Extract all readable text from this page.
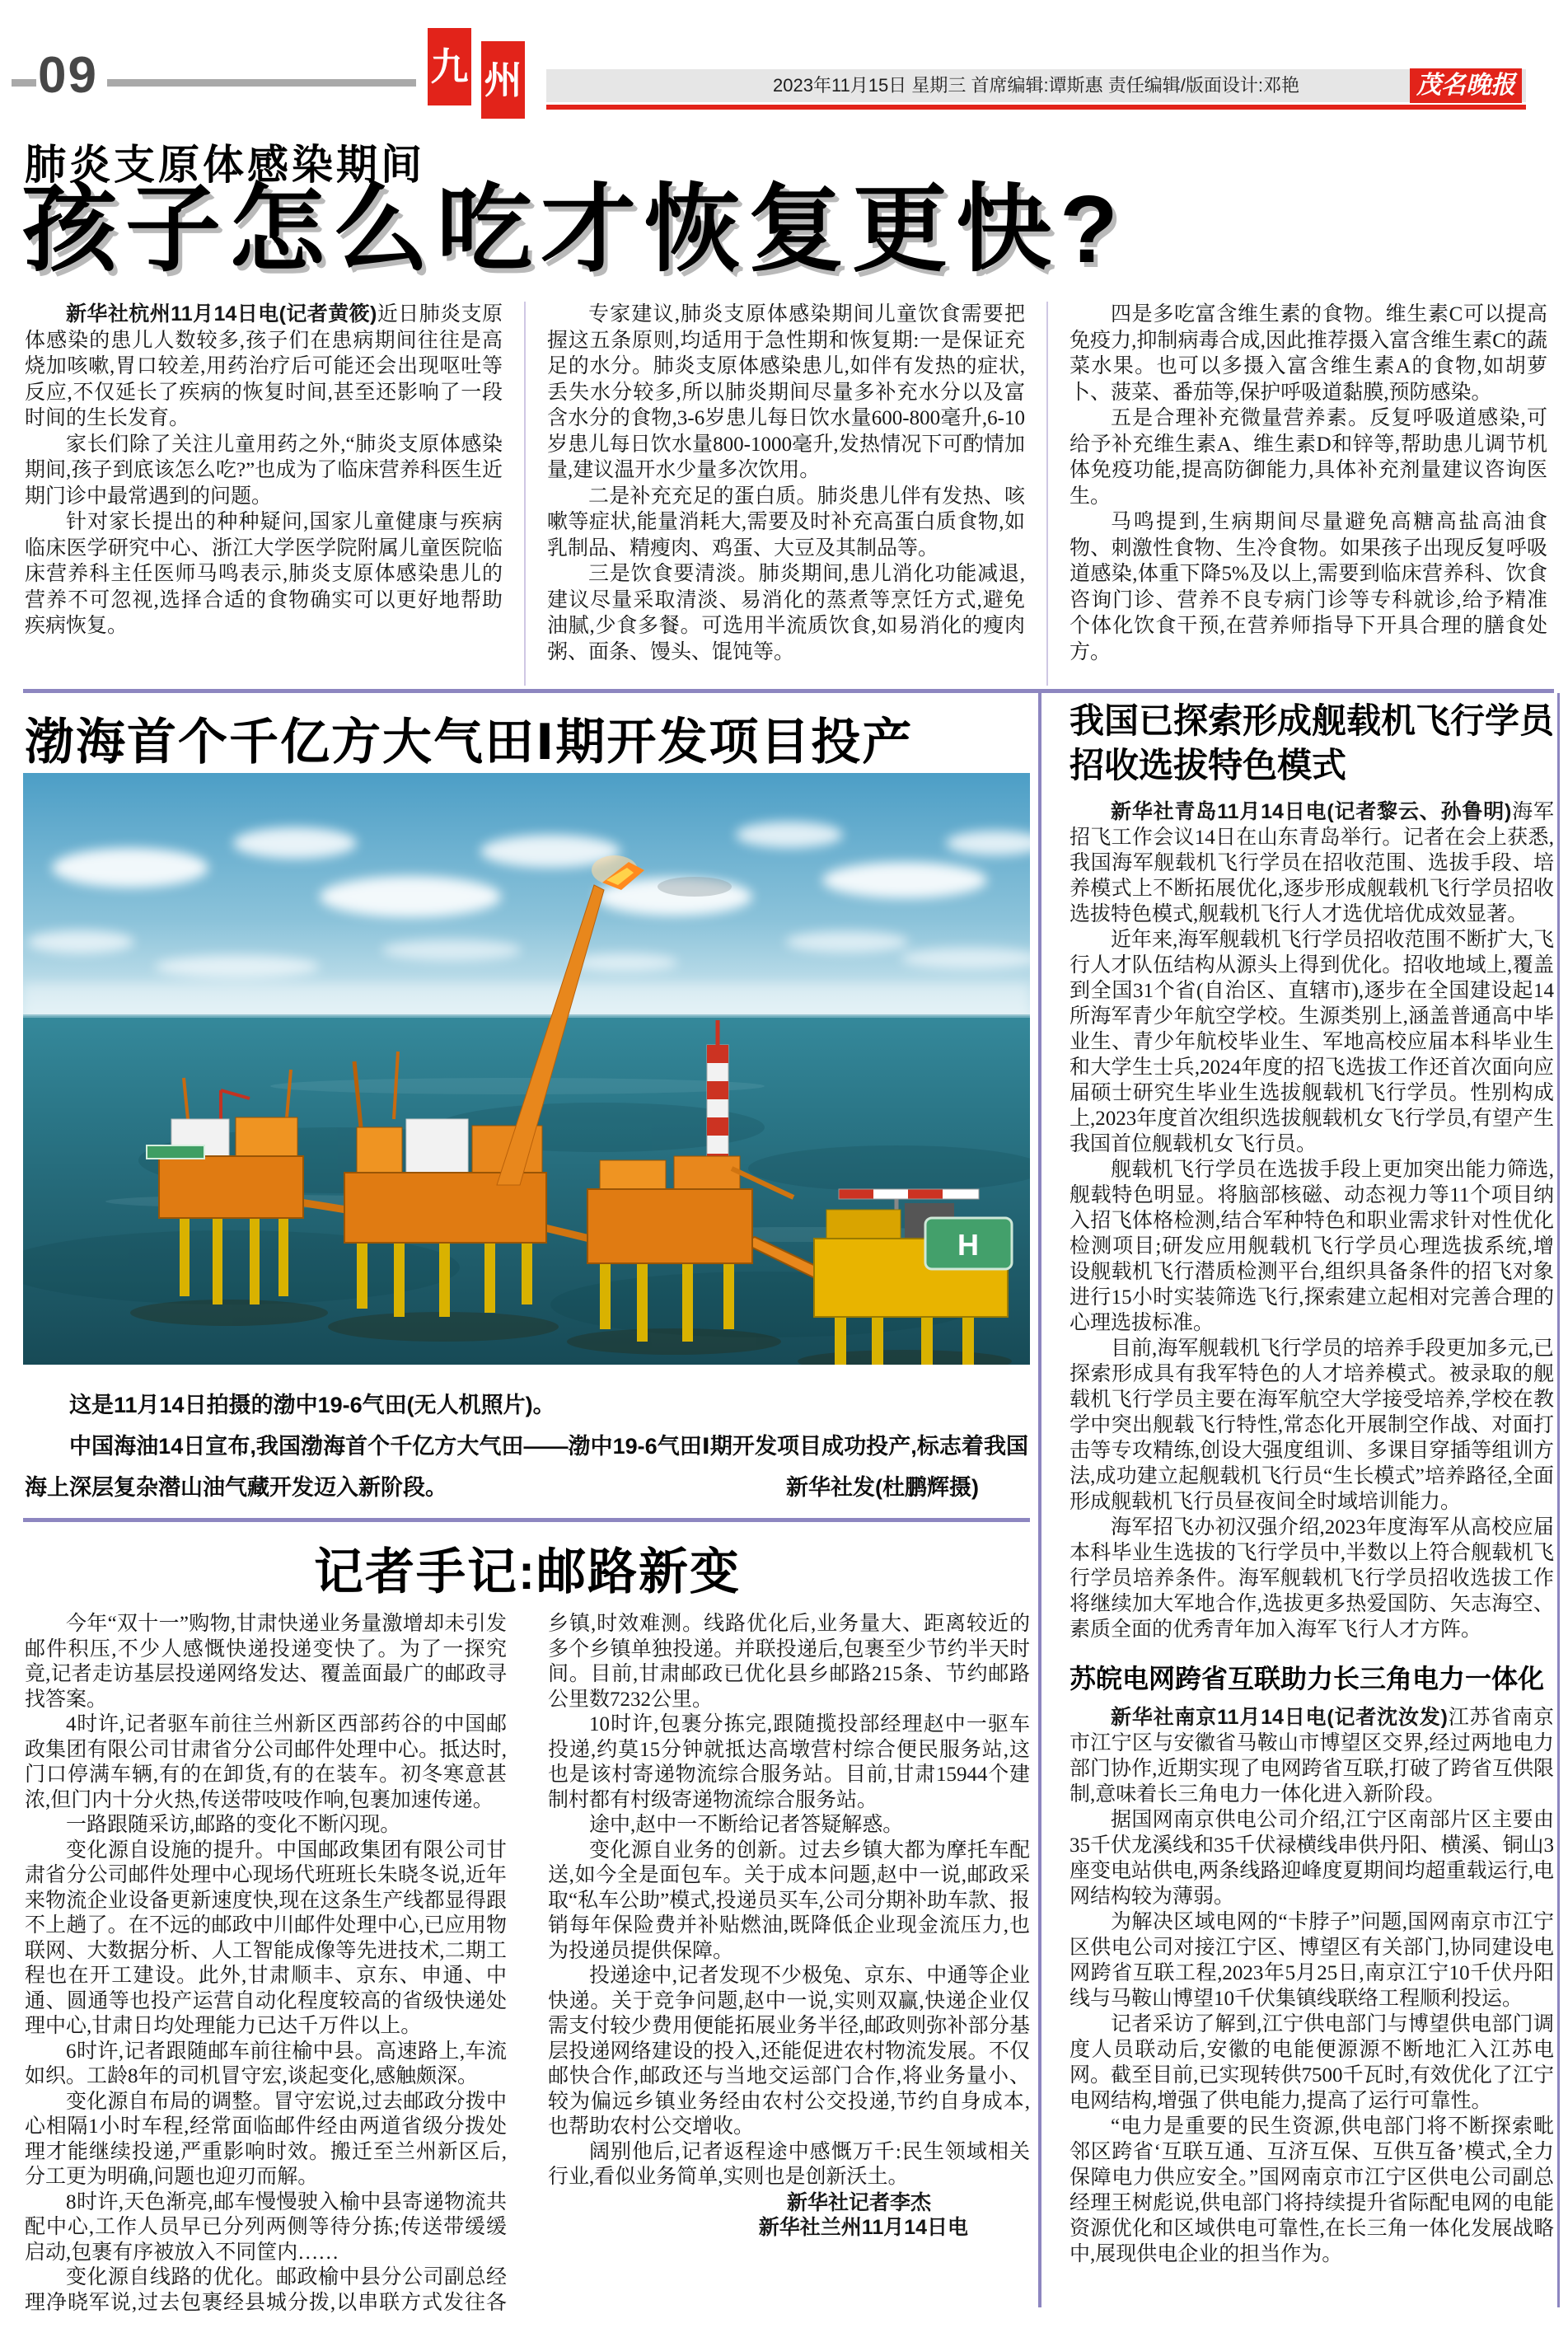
09	九 州	2023年11月15日 星期三 首席编辑:谭斯惠 责任编辑/版面设计:邓艳	茂名晚报
肺炎支原体感染期间
孩子怎么吃才恢复更快?

新华社杭州11月14日电(记者黄筱)近日肺炎支原体感染的患儿人数较多,孩子们在患病期间往往是高烧加咳嗽,胃口较差,用药治疗后可能还会出现呕吐等反应,不仅延长了疾病的恢复时间,甚至还影响了一段时间的生长发育。

家长们除了关注儿童用药之外,“肺炎支原体感染期间,孩子到底该怎么吃?”也成为了临床营养科医生近期门诊中最常遇到的问题。

针对家长提出的种种疑问,国家儿童健康与疾病临床医学研究中心、浙江大学医学院附属儿童医院临床营养科主任医师马鸣表示,肺炎支原体感染患儿的营养不可忽视,选择合适的食物确实可以更好地帮助疾病恢复。

专家建议,肺炎支原体感染期间儿童饮食需要把握这五条原则,均适用于急性期和恢复期:一是保证充足的水分。肺炎支原体感染患儿,如伴有发热的症状,丢失水分较多,所以肺炎期间尽量多补充水分以及富含水分的食物,3-6岁患儿每日饮水量600-800毫升,6-10岁患儿每日饮水量800-1000毫升,发热情况下可酌情加量,建议温开水少量多次饮用。

二是补充充足的蛋白质。肺炎患儿伴有发热、咳嗽等症状,能量消耗大,需要及时补充高蛋白质食物,如乳制品、精瘦肉、鸡蛋、大豆及其制品等。

三是饮食要清淡。肺炎期间,患儿消化功能减退,建议尽量采取清淡、易消化的蒸煮等烹饪方式,避免油腻,少食多餐。可选用半流质饮食,如易消化的瘦肉粥、面条、馒头、馄饨等。

四是多吃富含维生素的食物。维生素C可以提高免疫力,抑制病毒合成,因此推荐摄入富含维生素C的蔬菜水果。也可以多摄入富含维生素A的食物,如胡萝卜、菠菜、番茄等,保护呼吸道黏膜,预防感染。

五是合理补充微量营养素。反复呼吸道感染,可给予补充维生素A、维生素D和锌等,帮助患儿调节机体免疫功能,提高防御能力,具体补充剂量建议咨询医生。

马鸣提到,生病期间尽量避免高糖高盐高油食物、刺激性食物、生冷食物。如果孩子出现反复呼吸道感染,体重下降5%及以上,需要到临床营养科、饮食咨询门诊、营养不良专病门诊等专科就诊,给予精准个体化饮食干预,在营养师指导下开具合理的膳食处方。

渤海首个千亿方大气田Ⅰ期开发项目投产
H

这是11月14日拍摄的渤中19-6气田(无人机照片)。

中国海油14日宣布,我国渤海首个千亿方大气田——渤中19-6气田Ⅰ期开发项目成功投产,标志着我国海上深层复杂潜山油气藏开发迈入新阶段。	新华社发(杜鹏辉摄)

记者手记:邮路新变

今年“双十一”购物,甘肃快递业务量激增却未引发邮件积压,不少人感慨快递投递变快了。为了一探究竟,记者走访基层投递网络发达、覆盖面最广的邮政寻找答案。

4时许,记者驱车前往兰州新区西部药谷的中国邮政集团有限公司甘肃省分公司邮件处理中心。抵达时,门口停满车辆,有的在卸货,有的在装车。初冬寒意甚浓,但门内十分火热,传送带吱吱作响,包裹加速传递。

一路跟随采访,邮路的变化不断闪现。

变化源自设施的提升。中国邮政集团有限公司甘肃省分公司邮件处理中心现场代班班长朱晓冬说,近年来物流企业设备更新速度快,现在这条生产线都显得跟不上趟了。在不远的邮政中川邮件处理中心,已应用物联网、大数据分析、人工智能成像等先进技术,二期工程也在开工建设。此外,甘肃顺丰、京东、申通、中通、圆通等也投产运营自动化程度较高的省级快递处理中心,甘肃日均处理能力已达千万件以上。

6时许,记者跟随邮车前往榆中县。高速路上,车流如织。工龄8年的司机冒守宏,谈起变化,感触颇深。

变化源自布局的调整。冒守宏说,过去邮政分拨中心相隔1小时车程,经常面临邮件经由两道省级分拨处理才能继续投递,严重影响时效。搬迁至兰州新区后,分工更为明确,问题也迎刃而解。

8时许,天色渐亮,邮车慢慢驶入榆中县寄递物流共配中心,工作人员早已分列两侧等待分拣;传送带缓缓启动,包裹有序被放入不同筐内……

变化源自线路的优化。邮政榆中县分公司副总经理净晓军说,过去包裹经县城分拨,以串联方式发往各乡镇,时效难测。线路优化后,业务量大、距离较近的多个乡镇单独投递。并联投递后,包裹至少节约半天时间。目前,甘肃邮政已优化县乡邮路215条、节约邮路公里数7232公里。

10时许,包裹分拣完,跟随揽投部经理赵中一驱车投递,约莫15分钟就抵达高墩营村综合便民服务站,这也是该村寄递物流综合服务站。目前,甘肃15944个建制村都有村级寄递物流综合服务站。

途中,赵中一不断给记者答疑解惑。

变化源自业务的创新。过去乡镇大都为摩托车配送,如今全是面包车。关于成本问题,赵中一说,邮政采取“私车公助”模式,投递员买车,公司分期补助车款、报销每年保险费并补贴燃油,既降低企业现金流压力,也为投递员提供保障。

投递途中,记者发现不少极兔、京东、中通等企业快递。关于竞争问题,赵中一说,实则双赢,快递企业仅需支付较少费用便能拓展业务半径,邮政则弥补部分基层投递网络建设的投入,还能促进农村物流发展。不仅邮快合作,邮政还与当地交运部门合作,将业务量小、较为偏远乡镇业务经由农村公交投递,节约自身成本,也帮助农村公交增收。

阔别他后,记者返程途中感慨万千:民生领域相关行业,看似业务简单,实则也是创新沃土。

新华社记者李杰

新华社兰州11月14日电

我国已探索形成舰载机飞行学员招收选拔特色模式

新华社青岛11月14日电(记者黎云、孙鲁明)海军招飞工作会议14日在山东青岛举行。记者在会上获悉,我国海军舰载机飞行学员在招收范围、选拔手段、培养模式上不断拓展优化,逐步形成舰载机飞行学员招收选拔特色模式,舰载机飞行人才选优培优成效显著。

近年来,海军舰载机飞行学员招收范围不断扩大,飞行人才队伍结构从源头上得到优化。招收地域上,覆盖到全国31个省(自治区、直辖市),逐步在全国建设起14所海军青少年航空学校。生源类别上,涵盖普通高中毕业生、青少年航校毕业生、军地高校应届本科毕业生和大学生士兵,2024年度的招飞选拔工作还首次面向应届硕士研究生毕业生选拔舰载机飞行学员。性别构成上,2023年度首次组织选拔舰载机女飞行学员,有望产生我国首位舰载机女飞行员。

舰载机飞行学员在选拔手段上更加突出能力筛选,舰载特色明显。将脑部核磁、动态视力等11个项目纳入招飞体格检测,结合军种特色和职业需求针对性优化检测项目;研发应用舰载机飞行学员心理选拔系统,增设舰载机飞行潜质检测平台,组织具备条件的招飞对象进行15小时实装筛选飞行,探索建立起相对完善合理的心理选拔标准。

目前,海军舰载机飞行学员的培养手段更加多元,已探索形成具有我军特色的人才培养模式。被录取的舰载机飞行学员主要在海军航空大学接受培养,学校在教学中突出舰载飞行特性,常态化开展制空作战、对面打击等专攻精练,创设大强度组训、多课目穿插等组训方法,成功建立起舰载机飞行员“生长模式”培养路径,全面形成舰载机飞行员昼夜间全时域培训能力。

海军招飞办初汉强介绍,2023年度海军从高校应届本科毕业生选拔的飞行学员中,半数以上符合舰载机飞行学员培养条件。海军舰载机飞行学员招收选拔工作将继续加大军地合作,选拔更多热爱国防、矢志海空、素质全面的优秀青年加入海军飞行人才方阵。

苏皖电网跨省互联助力长三角电力一体化

新华社南京11月14日电(记者沈汝发)江苏省南京市江宁区与安徽省马鞍山市博望区交界,经过两地电力部门协作,近期实现了电网跨省互联,打破了跨省互供限制,意味着长三角电力一体化进入新阶段。

据国网南京供电公司介绍,江宁区南部片区主要由35千伏龙溪线和35千伏禄横线串供丹阳、横溪、铜山3座变电站供电,两条线路迎峰度夏期间均超重载运行,电网结构较为薄弱。

为解决区域电网的“卡脖子”问题,国网南京市江宁区供电公司对接江宁区、博望区有关部门,协同建设电网跨省互联工程,2023年5月25日,南京江宁10千伏丹阳线与马鞍山博望10千伏集镇线联络工程顺利投运。

记者采访了解到,江宁供电部门与博望供电部门调度人员联动后,安徽的电能便源源不断地汇入江苏电网。截至目前,已实现转供7500千瓦时,有效优化了江宁电网结构,增强了供电能力,提高了运行可靠性。

“电力是重要的民生资源,供电部门将不断探索毗邻区跨省‘互联互通、互济互保、互供互备’模式,全力保障电力供应安全。”国网南京市江宁区供电公司副总经理王树彪说,供电部门将持续提升省际配电网的电能资源优化和区域供电可靠性,在长三角一体化发展战略中,展现供电企业的担当作为。
